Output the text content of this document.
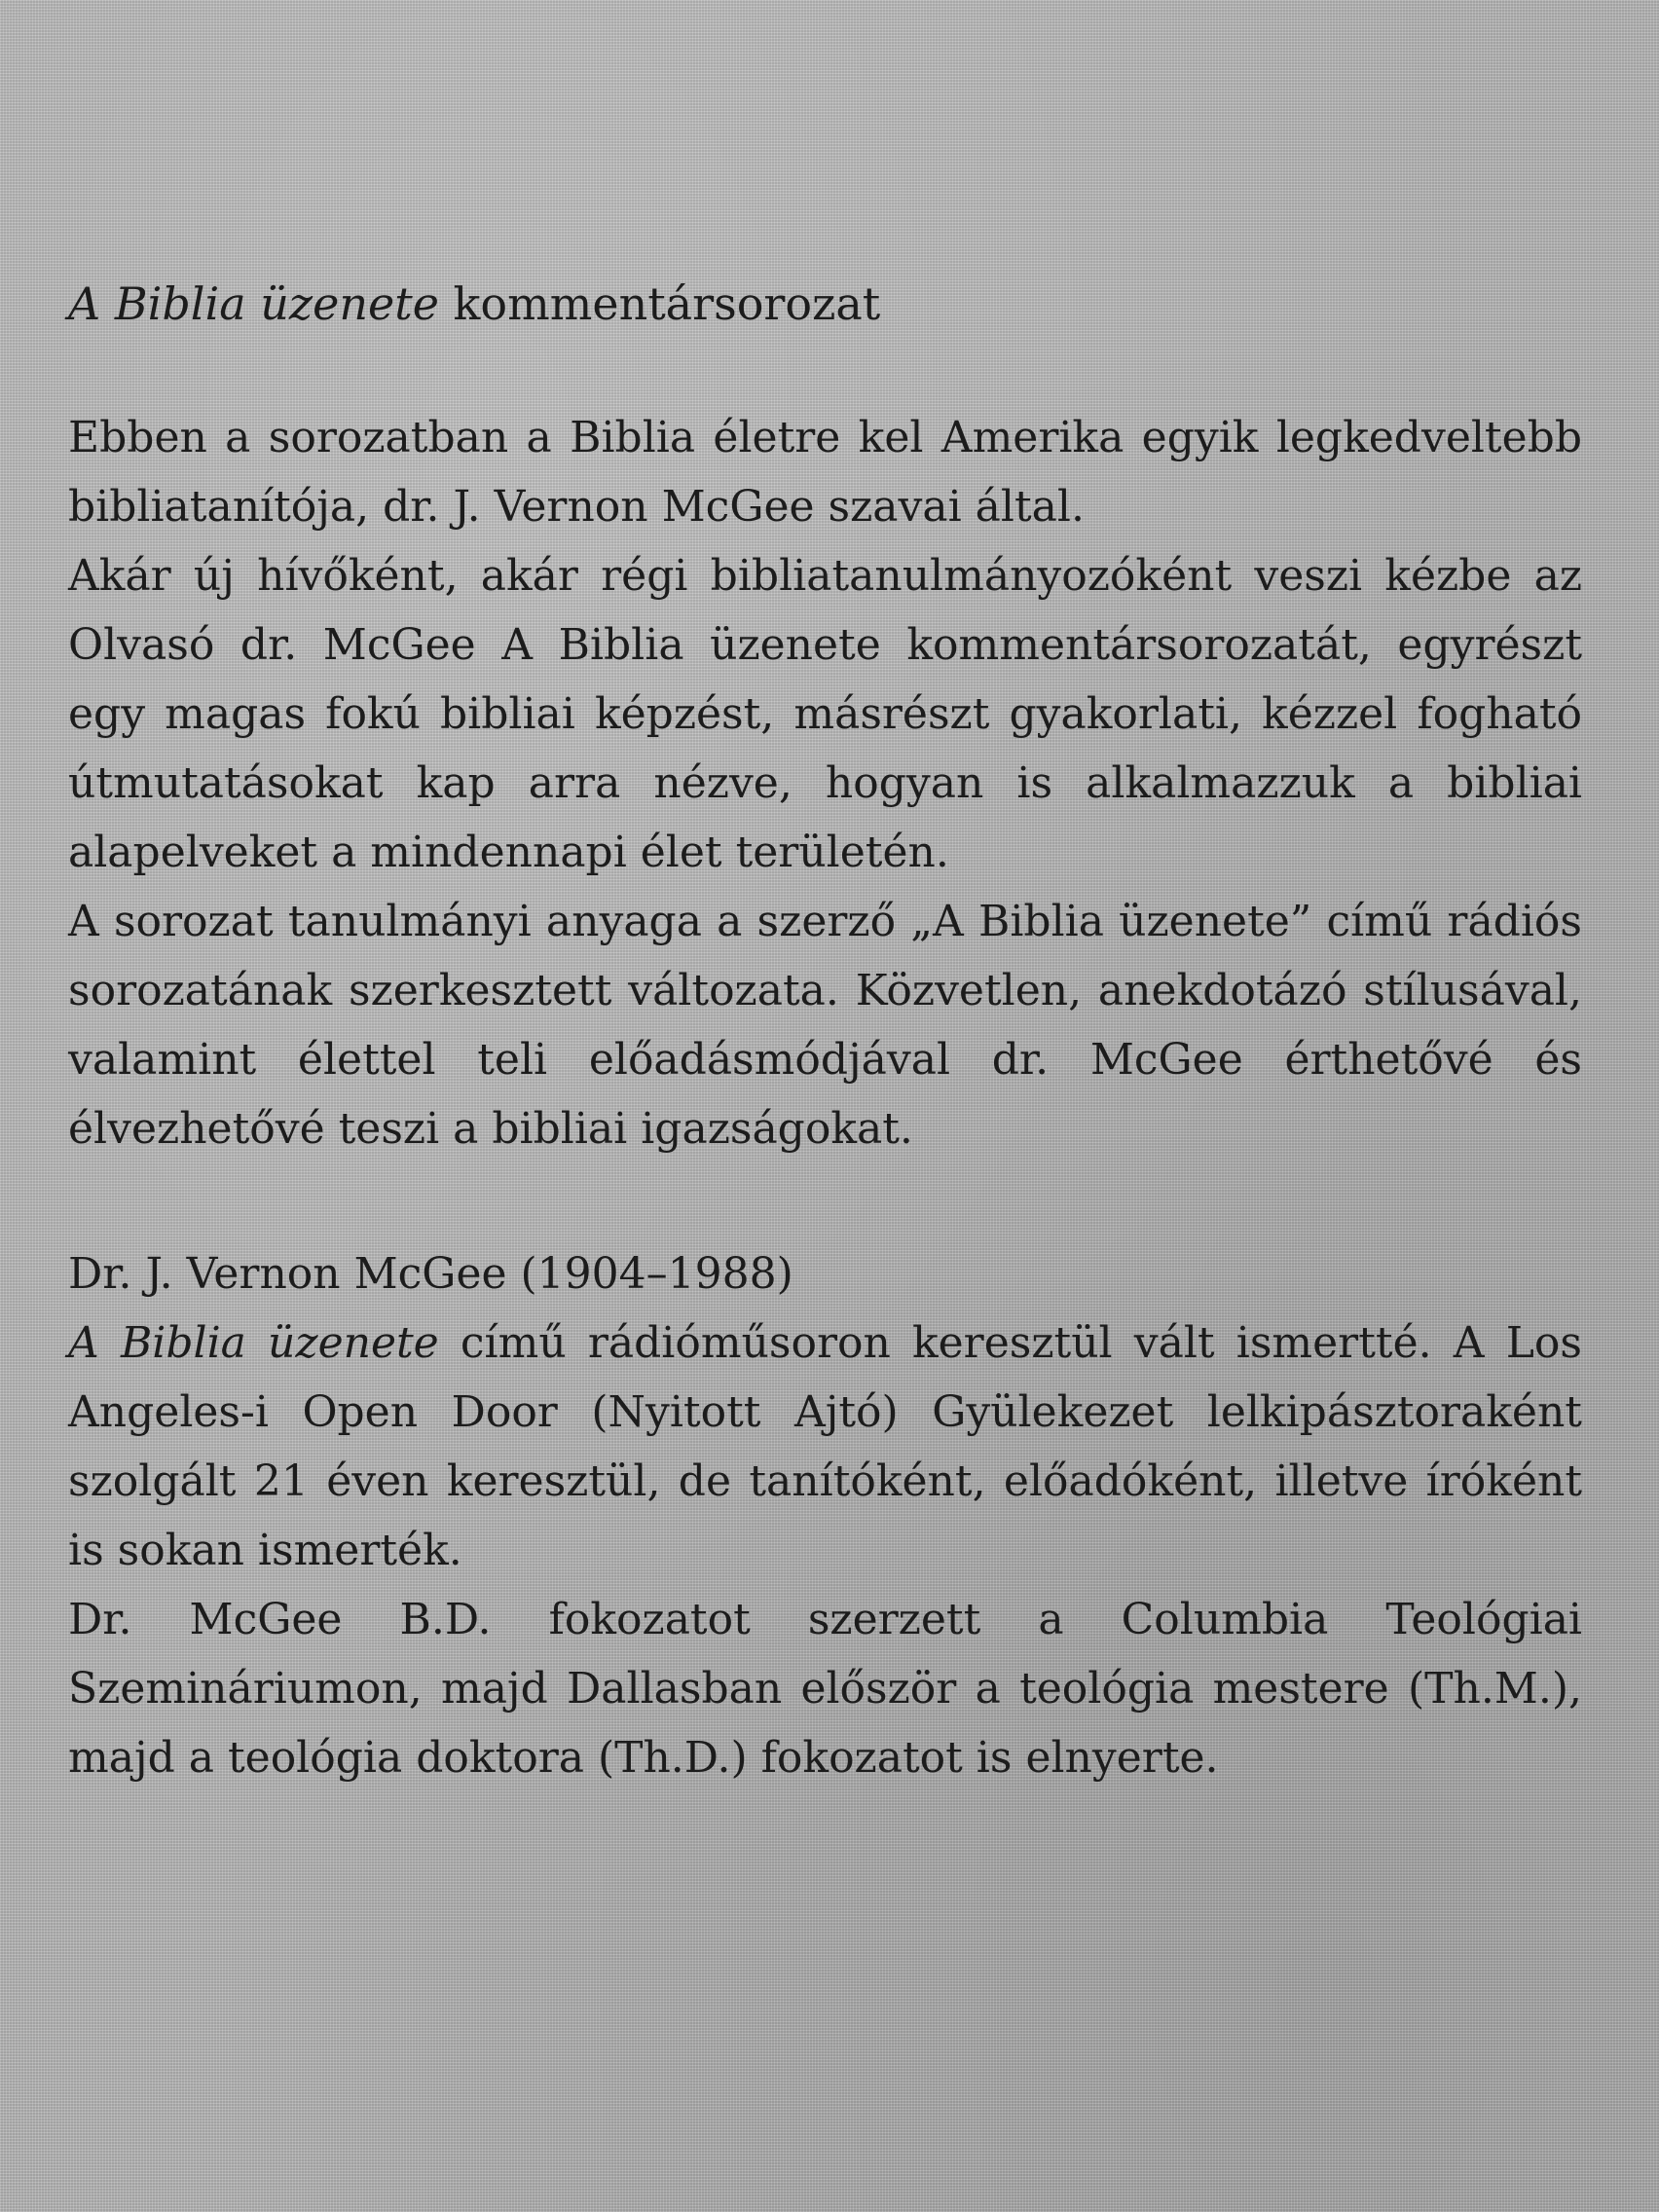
A Biblia üzenete kommentársorozat

Ebben a sorozatban a Biblia életre kel Amerika egyik legkedveltebb bibliatanítója, dr. J. Vernon McGee szavai által.

Akár új hívőként, akár régi bibliatanulmányozóként veszi kézbe az Olvasó dr. McGee A Biblia üzenete kommentársorozatát, egyrészt egy magas fokú bibliai képzést, másrészt gyakorlati, kézzel fogható útmutatásokat kap arra nézve, hogyan is alkalmazzuk a bibliai alapelveket a mindennapi élet területén.

A sorozat tanulmányi anyaga a szerző „A Biblia üzenete” című rádiós sorozatának szerkesztett változata. Közvetlen, anekdotázó stílusával, valamint élettel teli előadásmódjával dr. McGee érthetővé és élvezhetővé teszi a bibliai igazságokat.

Dr. J. Vernon McGee (1904–1988)

A Biblia üzenete című rádióműsoron keresztül vált ismertté. A Los Angeles-i Open Door (Nyitott Ajtó) Gyülekezet lelkipásztoraként szolgált 21 éven keresztül, de tanítóként, előadóként, illetve íróként is sokan ismerték.

Dr. McGee B.D. fokozatot szerzett a Columbia Teológiai Szemináriumon, majd Dallasban először a teológia mestere (Th.M.), majd a teológia doktora (Th.D.) fokozatot is elnyerte.
